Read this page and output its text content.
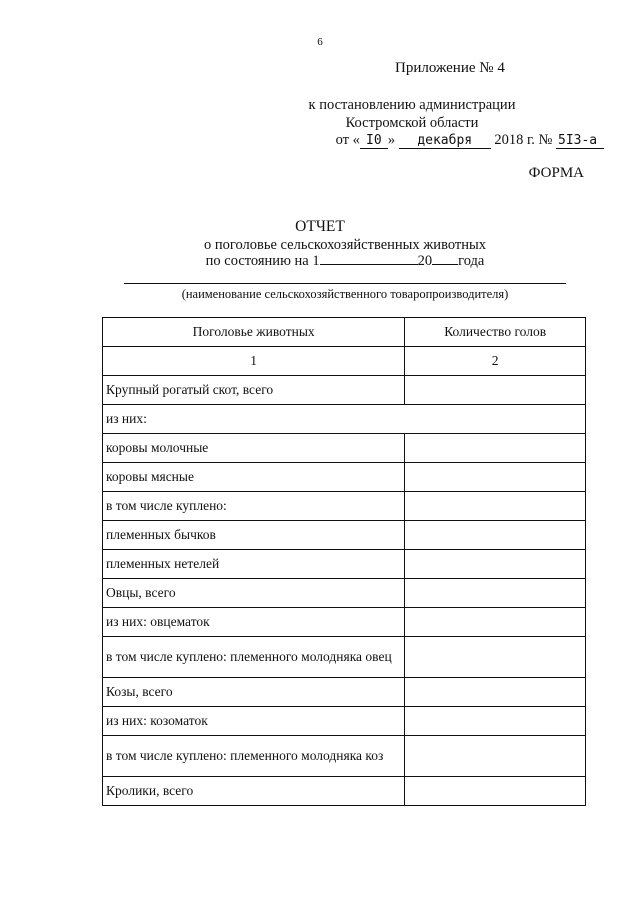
6
Приложение № 4
к постановлению администрации
Костромской области
от « I0 » декабря 2018 г. № 5I3-а
ФОРМА
ОТЧЕТ
о поголовье сельскохозяйственных животных
по состоянию на 1	20 года
(наименование сельскохозяйственного товаропроизводителя)
Поголовье животных	Количество голов
1	2
Крупный рогатый скот, всего	
из них:	
коровы молочные	
коровы мясные	
в том числе куплено:	
племенных бычков	
племенных нетелей	
Овцы, всего	
из них: овцематок	
в том числе куплено: племенного молодняка овец	
Козы, всего	
из них: козоматок	
в том числе куплено: племенного молодняка коз	
Кролики, всего	
